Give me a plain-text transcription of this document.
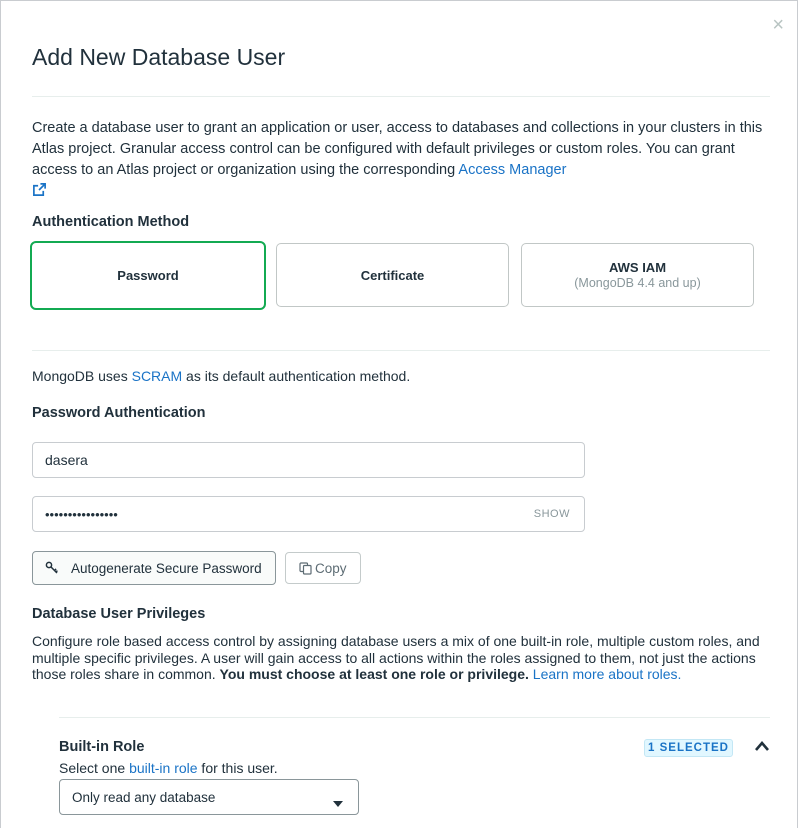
×
Add New Database User
Create a database user to grant an application or user, access to databases and collections in your clusters in this Atlas project. Granular access control can be configured with default privileges or custom roles. You can grant access to an Atlas project or organization using the corresponding Access Manager

Authentication Method
Password	Certificate	AWS IAM
(MongoDB 4.4 and up)
MongoDB uses SCRAM as its default authentication method.
Password Authentication
dasera
••••••••••••••••	SHOW
Autogenerate Secure Password	Copy
Database User Privileges
Configure role based access control by assigning database users a mix of one built-in role, multiple custom roles, and multiple specific privileges. A user will gain access to all actions within the roles assigned to them, not just the actions those roles share in common. You must choose at least one role or privilege. Learn more about roles.
Built-in Role
Select one built-in role for this user.
1 SELECTED
Only read any database
